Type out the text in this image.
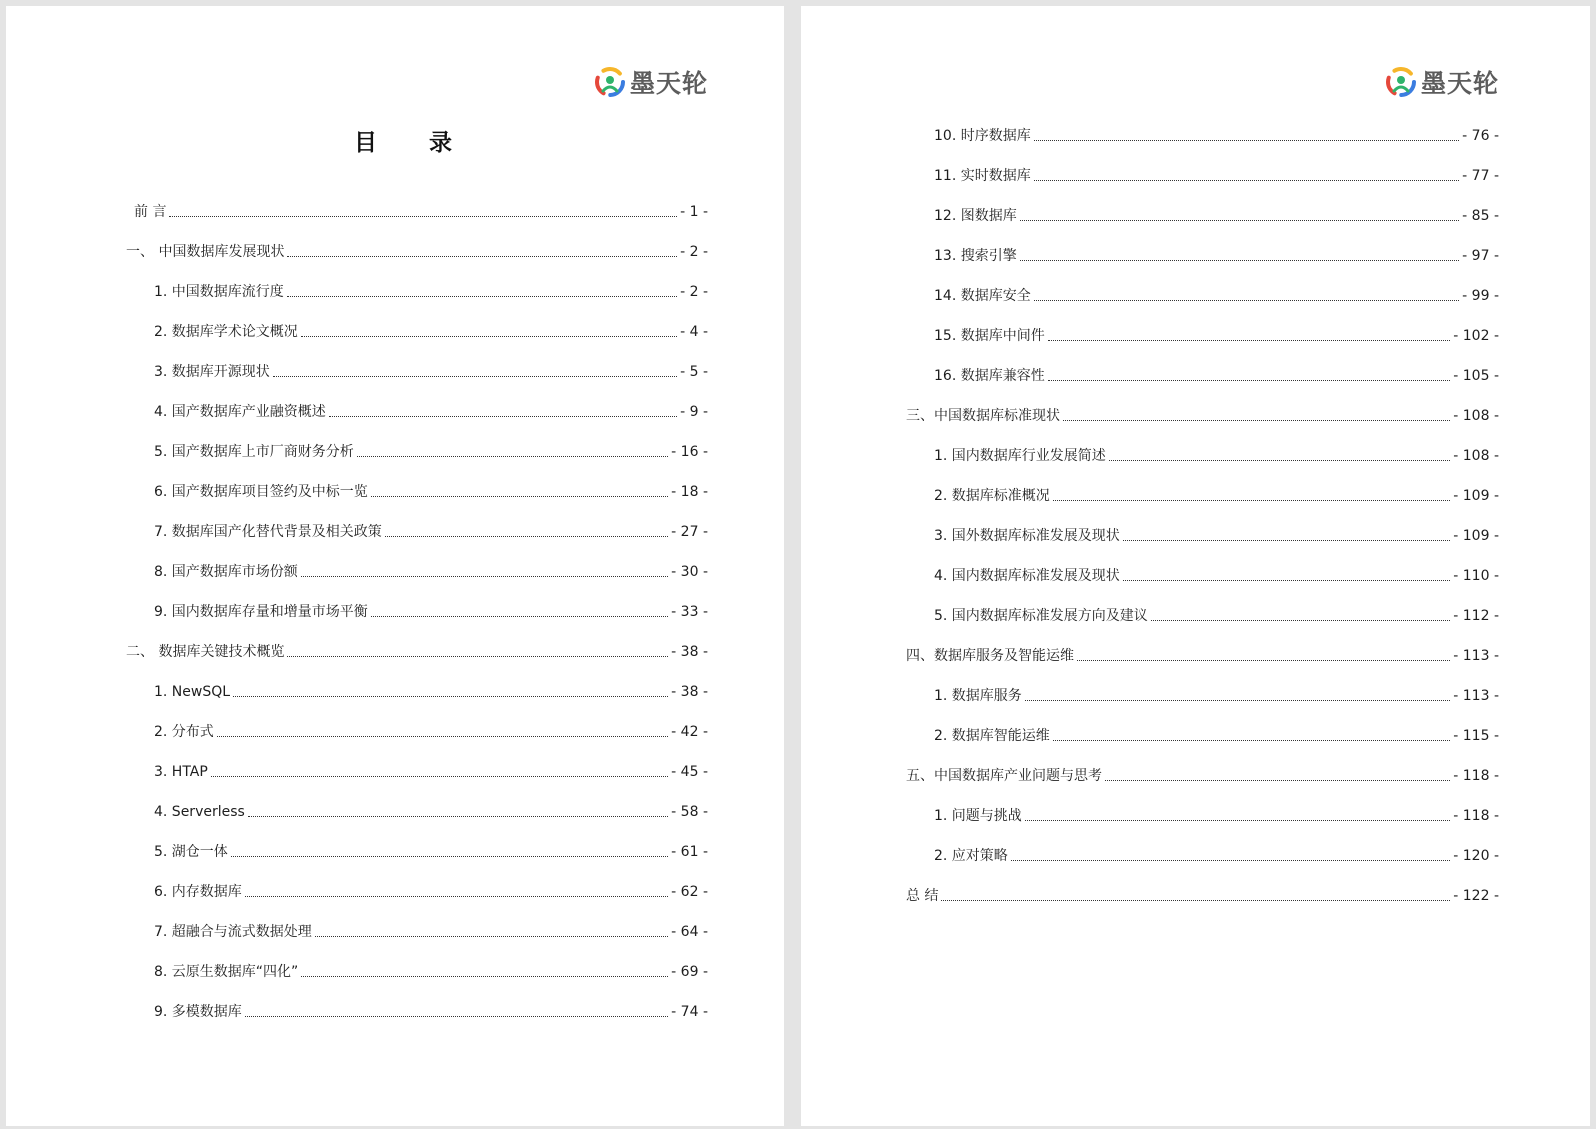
墨天轮
目 录
前 言	- 1 -
一、 中国数据库发展现状	- 2 -
1. 中国数据库流行度	- 2 -
2. 数据库学术论文概况	- 4 -
3. 数据库开源现状	- 5 -
4. 国产数据库产业融资概述	- 9 -
5. 国产数据库上市厂商财务分析	- 16 -
6. 国产数据库项目签约及中标一览	- 18 -
7. 数据库国产化替代背景及相关政策	- 27 -
8. 国产数据库市场份额	- 30 -
9. 国内数据库存量和增量市场平衡	- 33 -
二、 数据库关键技术概览	- 38 -
1. NewSQL	- 38 -
2. 分布式	- 42 -
3. HTAP	- 45 -
4. Serverless	- 58 -
5. 湖仓一体	- 61 -
6. 内存数据库	- 62 -
7. 超融合与流式数据处理	- 64 -
8. 云原生数据库“四化”	- 69 -
9. 多模数据库	- 74 -
墨天轮
10. 时序数据库	- 76 -
11. 实时数据库	- 77 -
12. 图数据库	- 85 -
13. 搜索引擎	- 97 -
14. 数据库安全	- 99 -
15. 数据库中间件	- 102 -
16. 数据库兼容性	- 105 -
三、中国数据库标准现状	- 108 -
1. 国内数据库行业发展简述	- 108 -
2. 数据库标准概况	- 109 -
3. 国外数据库标准发展及现状	- 109 -
4. 国内数据库标准发展及现状	- 110 -
5. 国内数据库标准发展方向及建议	- 112 -
四、数据库服务及智能运维	- 113 -
1. 数据库服务	- 113 -
2. 数据库智能运维	- 115 -
五、中国数据库产业问题与思考	- 118 -
1. 问题与挑战	- 118 -
2. 应对策略	- 120 -
总 结	- 122 -
